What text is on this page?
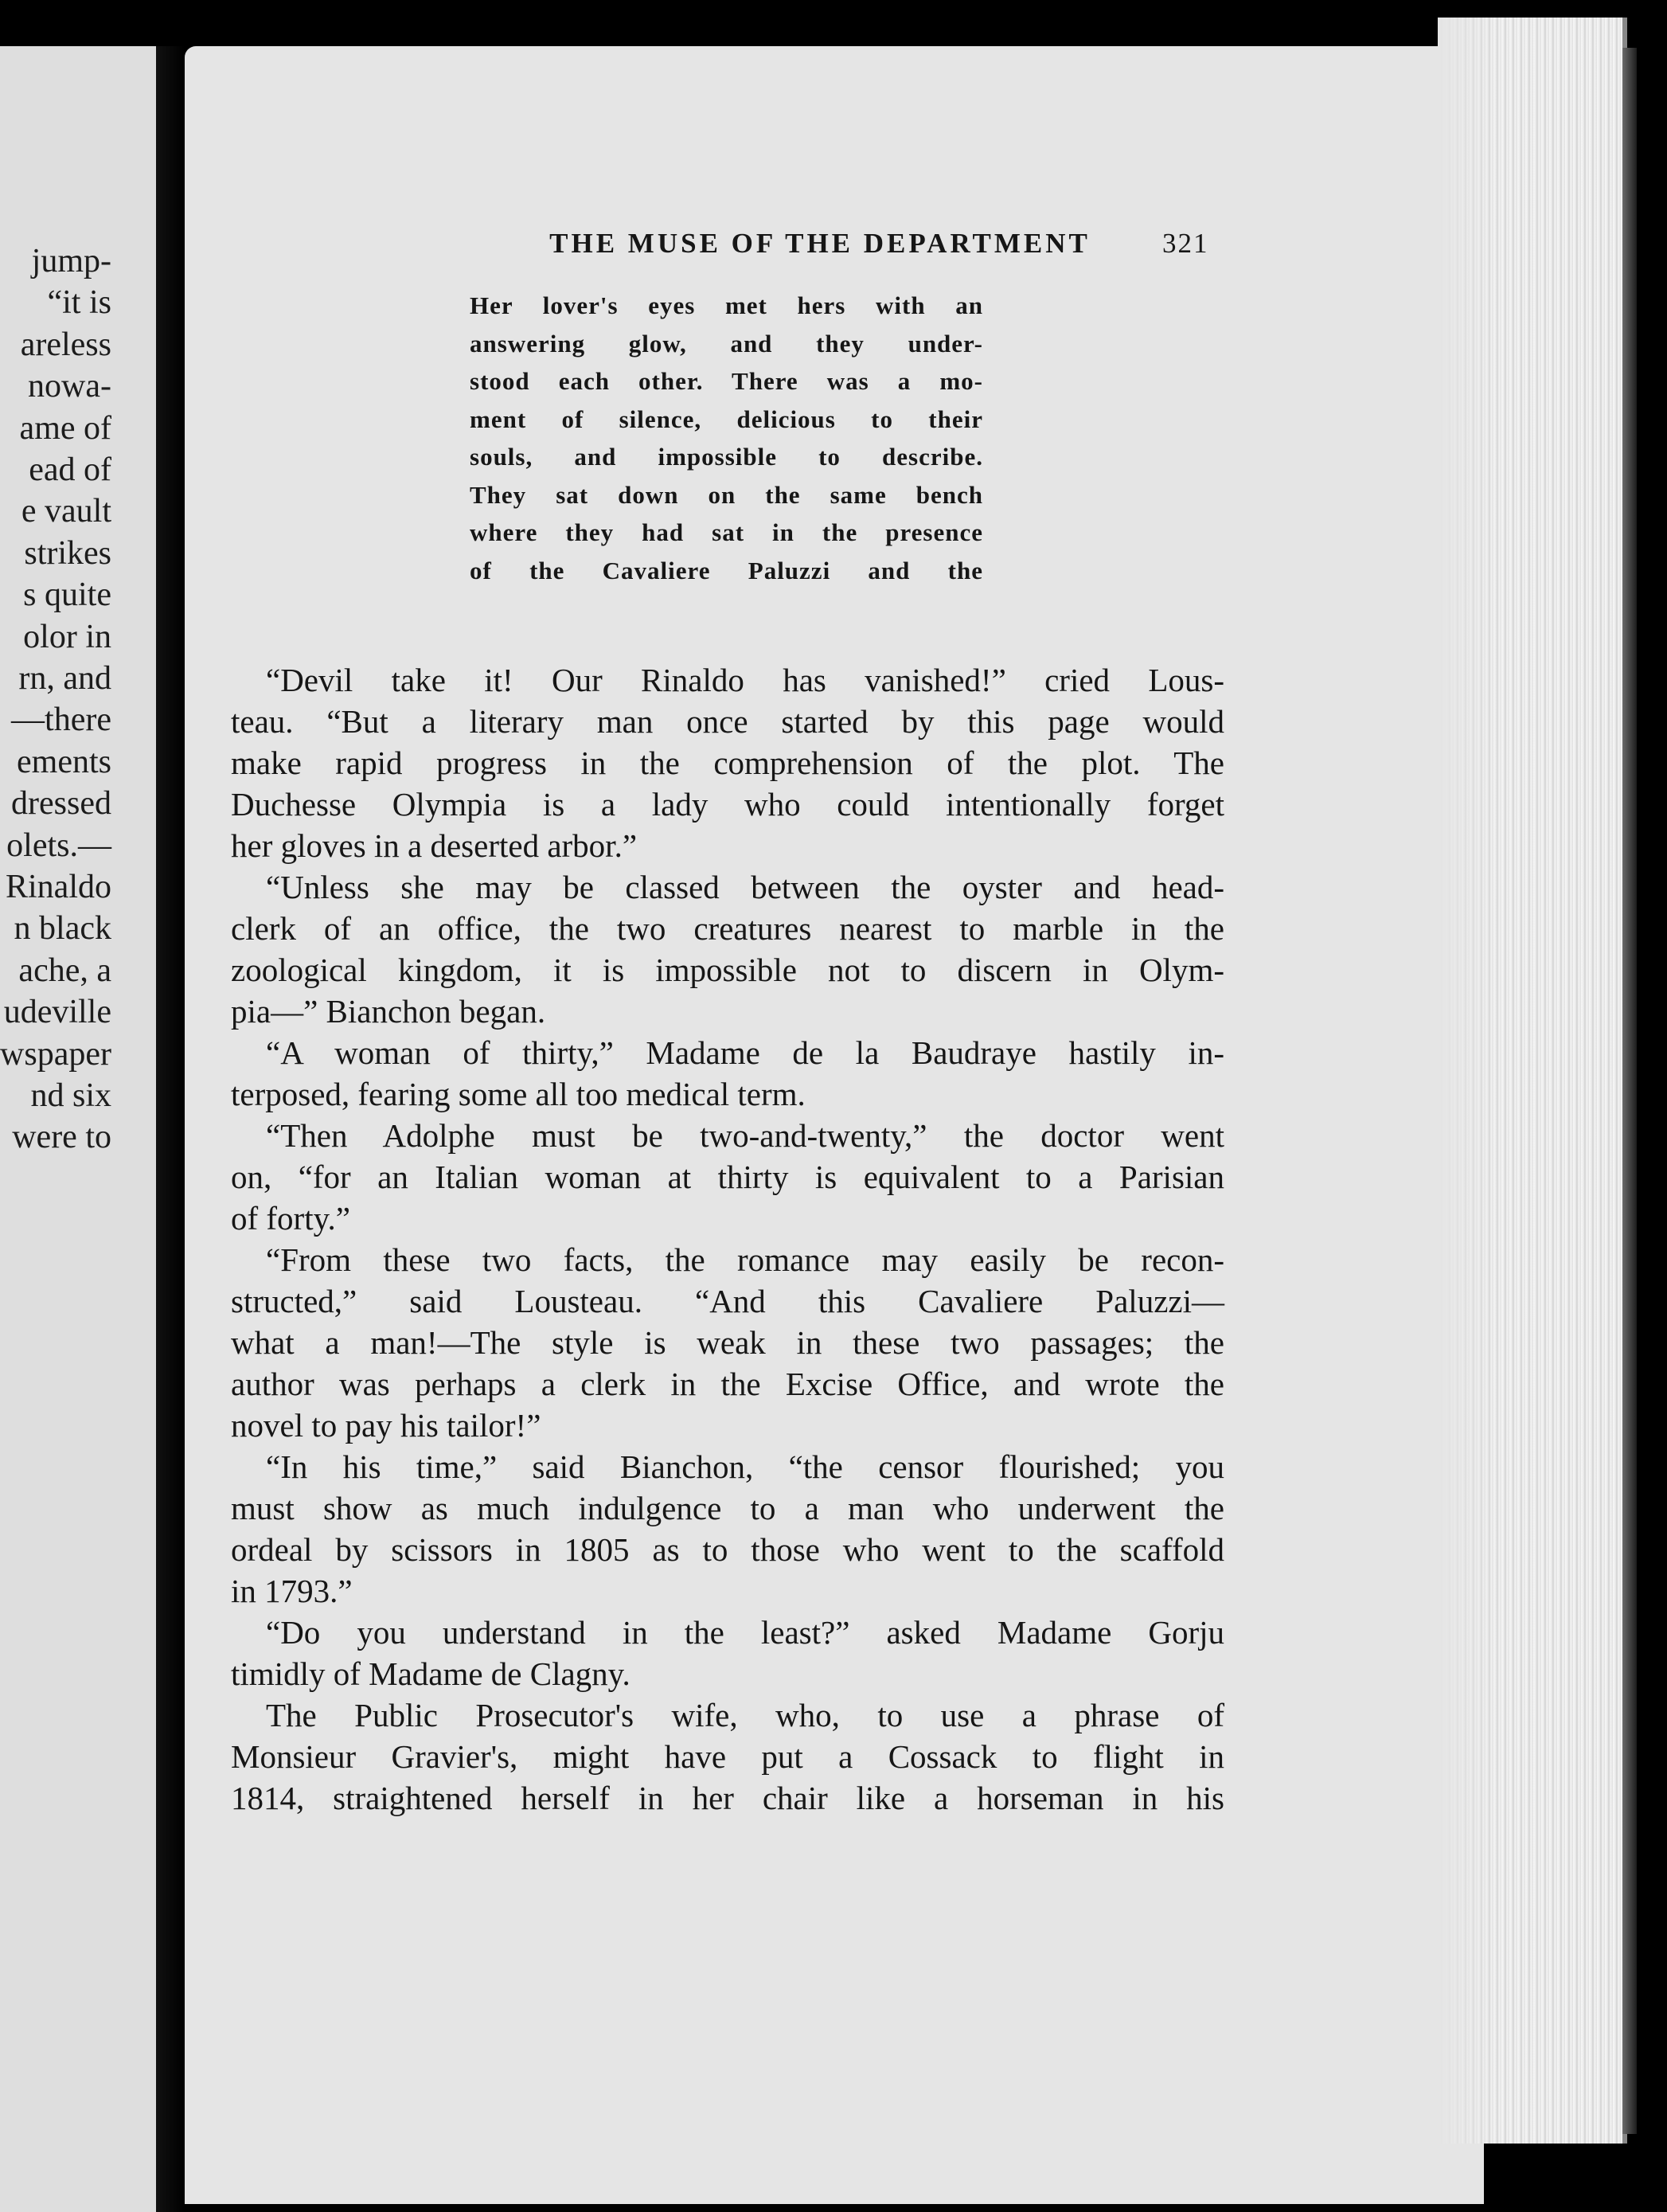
jump-
“it is
areless
nowa-
ame of
ead of
e vault
strikes
s quite
olor in
rn, and
—there
ements
dressed
olets.—
Rinaldo
n black
ache, a
udeville
wspaper
nd six
were to
THE MUSE OF THE DEPARTMENT	321
Her lover's eyes met hers with an
answering glow, and they under-
stood each other. There was a mo-
ment of silence, delicious to their
souls, and impossible to describe.
They sat down on the same bench
where they had sat in the presence
of the Cavaliere Paluzzi and the
“Devil take it! Our Rinaldo has vanished!” cried Lous-
teau. “But a literary man once started by this page would
make rapid progress in the comprehension of the plot. The
Duchesse Olympia is a lady who could intentionally forget
her gloves in a deserted arbor.”
“Unless she may be classed between the oyster and head-
clerk of an office, the two creatures nearest to marble in the
zoological kingdom, it is impossible not to discern in Olym-
pia—” Bianchon began.
“A woman of thirty,” Madame de la Baudraye hastily in-
terposed, fearing some all too medical term.
“Then Adolphe must be two-and-twenty,” the doctor went
on, “for an Italian woman at thirty is equivalent to a Parisian
of forty.”
“From these two facts, the romance may easily be recon-
structed,” said Lousteau. “And this Cavaliere Paluzzi—
what a man!—The style is weak in these two passages; the
author was perhaps a clerk in the Excise Office, and wrote the
novel to pay his tailor!”
“In his time,” said Bianchon, “the censor flourished; you
must show as much indulgence to a man who underwent the
ordeal by scissors in 1805 as to those who went to the scaffold
in 1793.”
“Do you understand in the least?” asked Madame Gorju
timidly of Madame de Clagny.
The Public Prosecutor's wife, who, to use a phrase of
Monsieur Gravier's, might have put a Cossack to flight in
1814, straightened herself in her chair like a horseman in his
